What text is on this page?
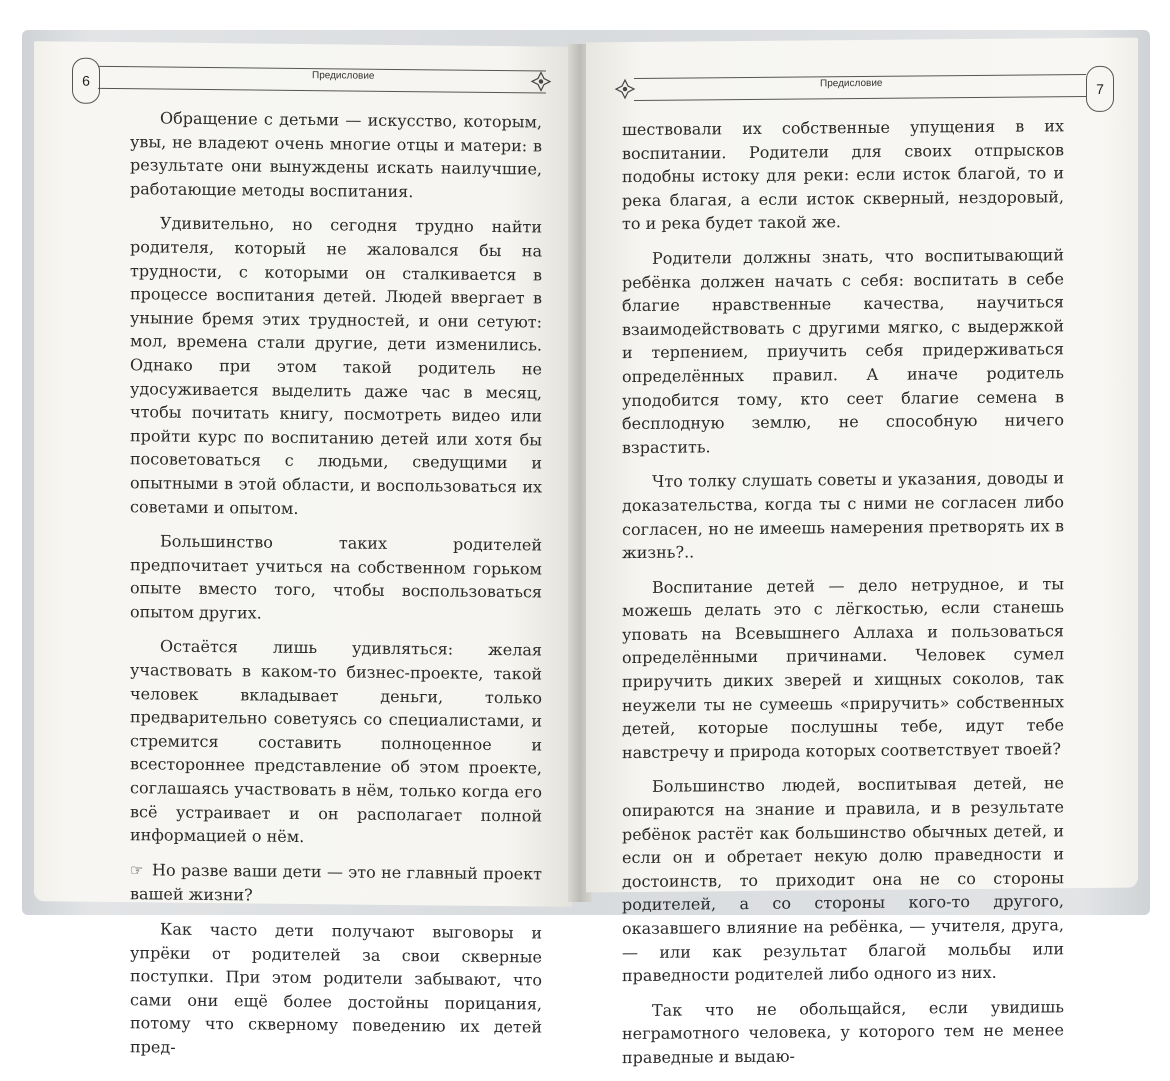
6	Предисловие

Обращение с детьми — искусство, которым, увы, не владеют очень многие отцы и матери: в результате они вынуждены искать наилучшие, работающие методы воспитания.

Удивительно, но сегодня трудно найти родителя, который не жаловался бы на трудности, с которыми он сталкивается в процессе воспитания детей. Людей ввергает в уныние бремя этих трудностей, и они сетуют: мол, времена стали другие, дети изменились. Однако при этом такой родитель не удосуживается выделить даже час в месяц, чтобы почитать книгу, посмотреть видео или пройти курс по воспитанию детей или хотя бы посоветоваться с людьми, сведущими и опытными в этой области, и воспользоваться их советами и опытом.

Большинство таких родителей предпочитает учиться на собственном горьком опыте вместо того, чтобы воспользоваться опытом других.

Остаётся лишь удивляться: желая участвовать в каком-то бизнес-проекте, такой человек вкладывает деньги, только предварительно советуясь со специалистами, и стремится составить полноценное и всестороннее представление об этом проекте, соглашаясь участвовать в нём, только когда его всё устраивает и он располагает полной информацией о нём.

☞ Но разве ваши дети — это не главный проект вашей жизни?

Как часто дети получают выговоры и упрёки от родителей за свои скверные поступки. При этом родители забывают, что сами они ещё более достойны порицания, потому что скверному поведению их детей пред-

Предисловие	7

шествовали их собственные упущения в их воспитании. Родители для своих отпрысков подобны истоку для реки: если исток благой, то и река благая, а если исток скверный, нездоровый, то и река будет такой же.

Родители должны знать, что воспитывающий ребёнка должен начать с себя: воспитать в себе благие нравственные качества, научиться взаимодействовать с другими мягко, с выдержкой и терпением, приучить себя придерживаться определённых правил. А иначе родитель уподобится тому, кто сеет благие семена в бесплодную землю, не способную ничего взрастить.

Что толку слушать советы и указания, доводы и доказательства, когда ты с ними не согласен либо согласен, но не имеешь намерения претворять их в жизнь?..

Воспитание детей — дело нетрудное, и ты можешь делать это с лёгкостью, если станешь уповать на Всевышнего Аллаха и пользоваться определёнными причинами. Человек сумел приручить диких зверей и хищных соколов, так неужели ты не сумеешь «приручить» собственных детей, которые послушны тебе, идут тебе навстречу и природа которых соответствует твоей?

Большинство людей, воспитывая детей, не опираются на знание и правила, и в результате ребёнок растёт как большинство обычных детей, и если он и обретает некую долю праведности и достоинств, то приходит она не со стороны родителей, а со стороны кого-то другого, оказавшего влияние на ребёнка, — учителя, друга, — или как результат благой мольбы или праведности родителей либо одного из них.

Так что не обольщайся, если увидишь неграмотного человека, у которого тем не менее праведные и выдаю-
